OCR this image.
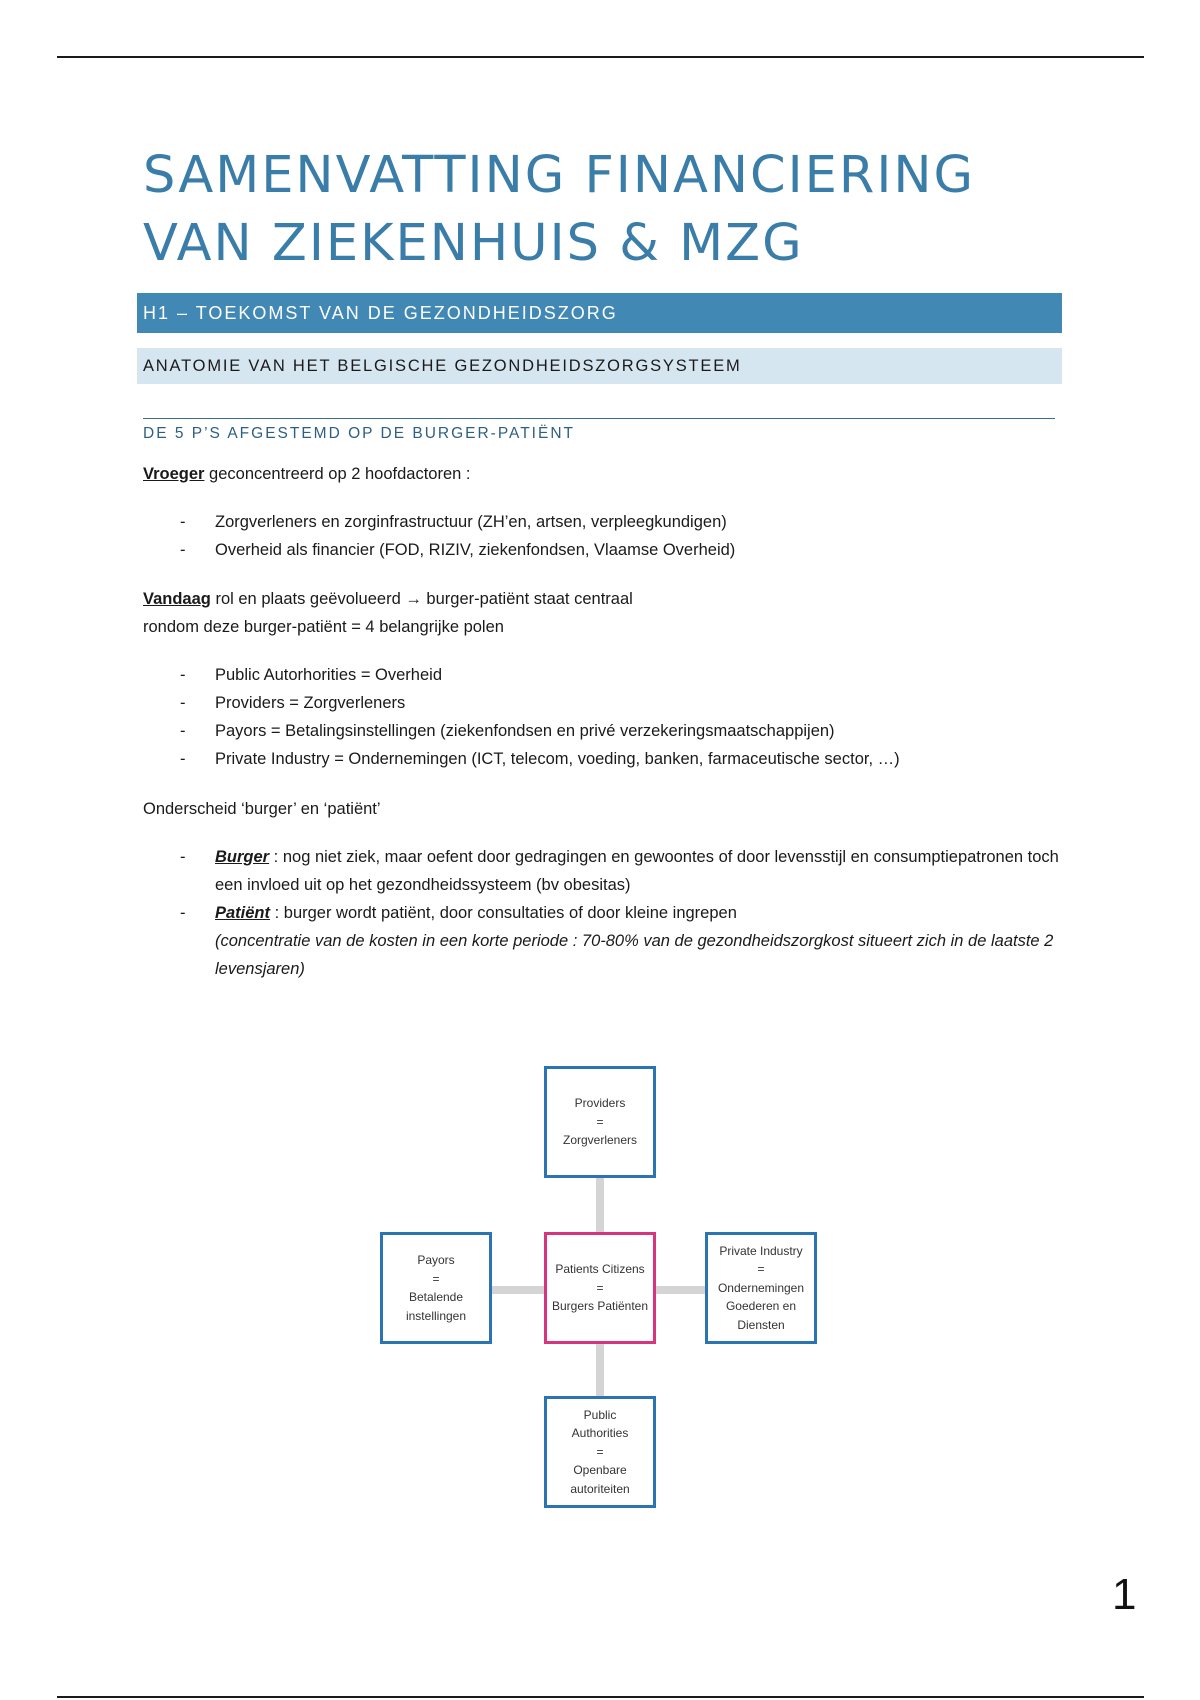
SAMENVATTING FINANCIERING
VAN ZIEKENHUIS & MZG
H1 – TOEKOMST VAN DE GEZONDHEIDSZORG
ANATOMIE VAN HET BELGISCHE GEZONDHEIDSZORGSYSTEEM
DE 5 P’S AFGESTEMD OP DE BURGER-PATIËNT
Vroeger geconcentreerd op 2 hoofdactoren :
- Zorgverleners en zorginfrastructuur (ZH’en, artsen, verpleegkundigen)
- Overheid als financier (FOD, RIZIV, ziekenfondsen, Vlaamse Overheid)
Vandaag rol en plaats geëvolueerd → burger-patiënt staat centraal
rondom deze burger-patiënt = 4 belangrijke polen
- Public Autorhorities = Overheid
- Providers = Zorgverleners
- Payors = Betalingsinstellingen (ziekenfondsen en privé verzekeringsmaatschappijen)
- Private Industry = Ondernemingen (ICT, telecom, voeding, banken, farmaceutische sector, …)
Onderscheid ‘burger’ en ‘patiënt’
- Burger : nog niet ziek, maar oefent door gedragingen en gewoontes of door levensstijl en consumptiepatronen toch een invloed uit op het gezondheidssysteem (bv obesitas)
- Patiënt : burger wordt patiënt, door consultaties of door kleine ingrepen
(concentratie van de kosten in een korte periode : 70-80% van de gezondheidszorgkost situeert zich in de laatste 2 levensjaren)
Providers
=
Zorgverleners
Payors
=
Betalende
instellingen
Patients Citizens
=
Burgers Patiënten
Private Industry
=
Ondernemingen
Goederen en
Diensten
Public
Authorities
=
Openbare
autoriteiten
1
